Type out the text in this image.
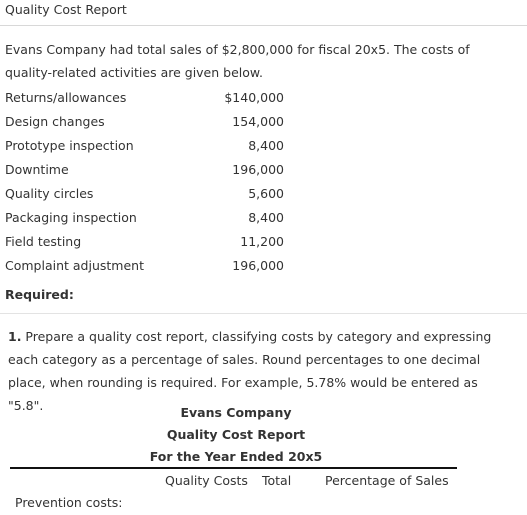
Quality Cost Report
Evans Company had total sales of $2,800,000 for fiscal 20x5. The costs of quality-related activities are given below.
Returns/allowances	$140,000
Design changes	154,000
Prototype inspection	8,400
Downtime	196,000
Quality circles	5,600
Packaging inspection	8,400
Field testing	11,200
Complaint adjustment	196,000
Required:
1. Prepare a quality cost report, classifying costs by category and expressing each category as a percentage of sales. Round percentages to one decimal place, when rounding is required. For example, 5.78% would be entered as "5.8".	Evans Company
Quality Cost Report
For the Year Ended 20x5
Quality Costs Total	Percentage of Sales
Prevention costs:
